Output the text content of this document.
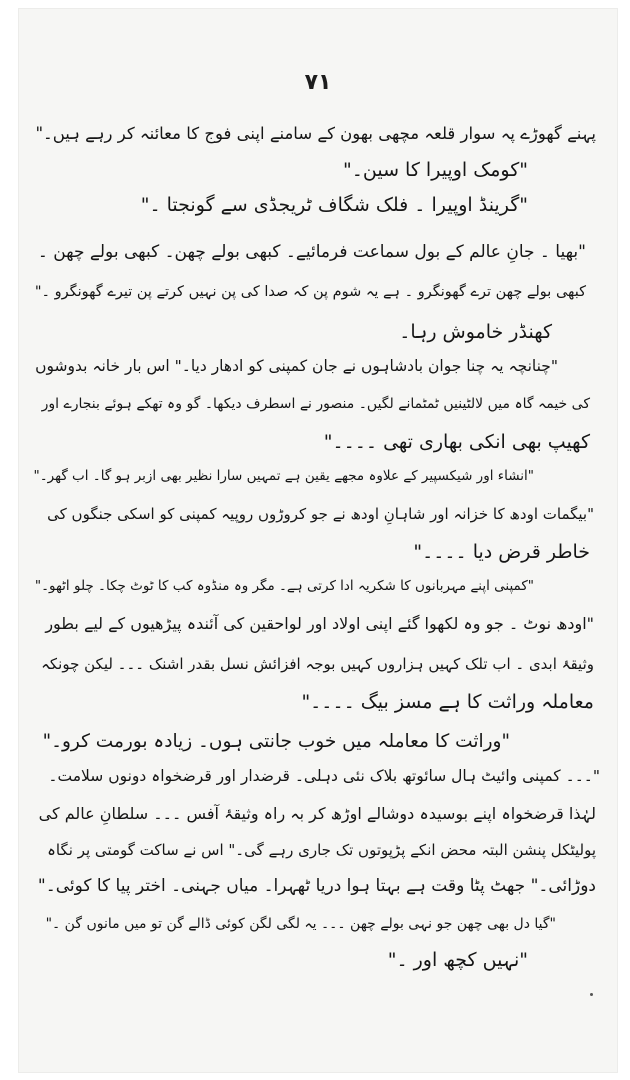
۷۱
پہنے گھوڑے پہ سوار قلعہ مچھی بھون کے سامنے اپنی فوج کا معائنہ کر رہے ہیں۔"
"کومک اوپیرا کا سین۔"
"گرینڈ اوپیرا ۔ فلک شگاف ٹریجڈی سے گونجتا ۔"
"بھیا ۔ جانِ عالم کے بول سماعت فرمائیے۔ کبھی بولے چھن۔ کبھی بولے چھن ۔
کبھی بولے چھن ترے گھونگرو ۔ ہے یہ شوم پن کہ صدا کی پن نہیں کرتے پن تیرے گھونگرو ۔"
کھنڈر خاموش رہا۔
"چنانچہ یہ چنا جوان بادشاہوں نے جان کمپنی کو ادھار دیا۔" اس بار خانہ بدوشوں
کی خیمہ گاہ میں لالٹینیں ٹمٹمانے لگیں۔ منصور نے اسطرف دیکھا۔ گو وہ تھکے ہوئے بنجارے اور
کھیپ بھی انکی بھاری تھی ۔۔۔۔"
"انشاء اور شیکسپیر کے علاوہ مجھے یقین ہے تمہیں سارا نظیر بھی ازبر ہو گا۔ اب گھر۔"
"بیگمات اودھ کا خزانہ اور شاہانِ اودھ نے جو کروڑوں روپیہ کمپنی کو اسکی جنگوں کی
خاطر قرض دیا ۔۔۔۔"
"کمپنی اپنے مہربانوں کا شکریہ ادا کرتی ہے۔ مگر وہ منڈوہ کب کا ٹوٹ چکا۔ چلو اٹھو۔"
"اودھ نوٹ ۔ جو وہ لکھوا گئے اپنی اولاد اور لواحقین کی آئندہ پیڑھیوں کے لیے بطور
وثیقۂ ابدی ۔ اب تلک کہیں ہزاروں کہیں بوجہ افزائش نسل بقدر اشنک ۔۔۔ لیکن چونکہ
معاملہ وراثت کا ہے مسز بیگ ۔۔۔۔"
"وراثت کا معاملہ میں خوب جانتی ہوں۔ زیادہ بورمت کرو۔"
"۔۔۔ کمپنی وائیٹ ہال سائوتھ بلاک نئی دہلی۔ قرضدار اور قرضخواہ دونوں سلامت۔
لہٰذا قرضخواہ اپنے بوسیدہ دوشالے اوڑھ کر بہ راہ وثیقۂ آفس ۔۔۔ سلطانِ عالم کی
پولیٹکل پنشن البتہ محض انکے پڑپوتوں تک جاری رہے گی۔" اس نے ساکت گومتی پر نگاہ
دوڑائی۔" جھٹ پٹا وقت ہے بہتا ہوا دریا ٹھہرا۔ میاں جہنی۔ اختر پیا کا کوئی۔"
"گیا دل بھی چھن جو نہی بولے چھن ۔۔۔ یہ لگی لگن کوئی ڈالے گن تو میں مانوں گن ۔"
"نہیں کچھ اور ۔"
